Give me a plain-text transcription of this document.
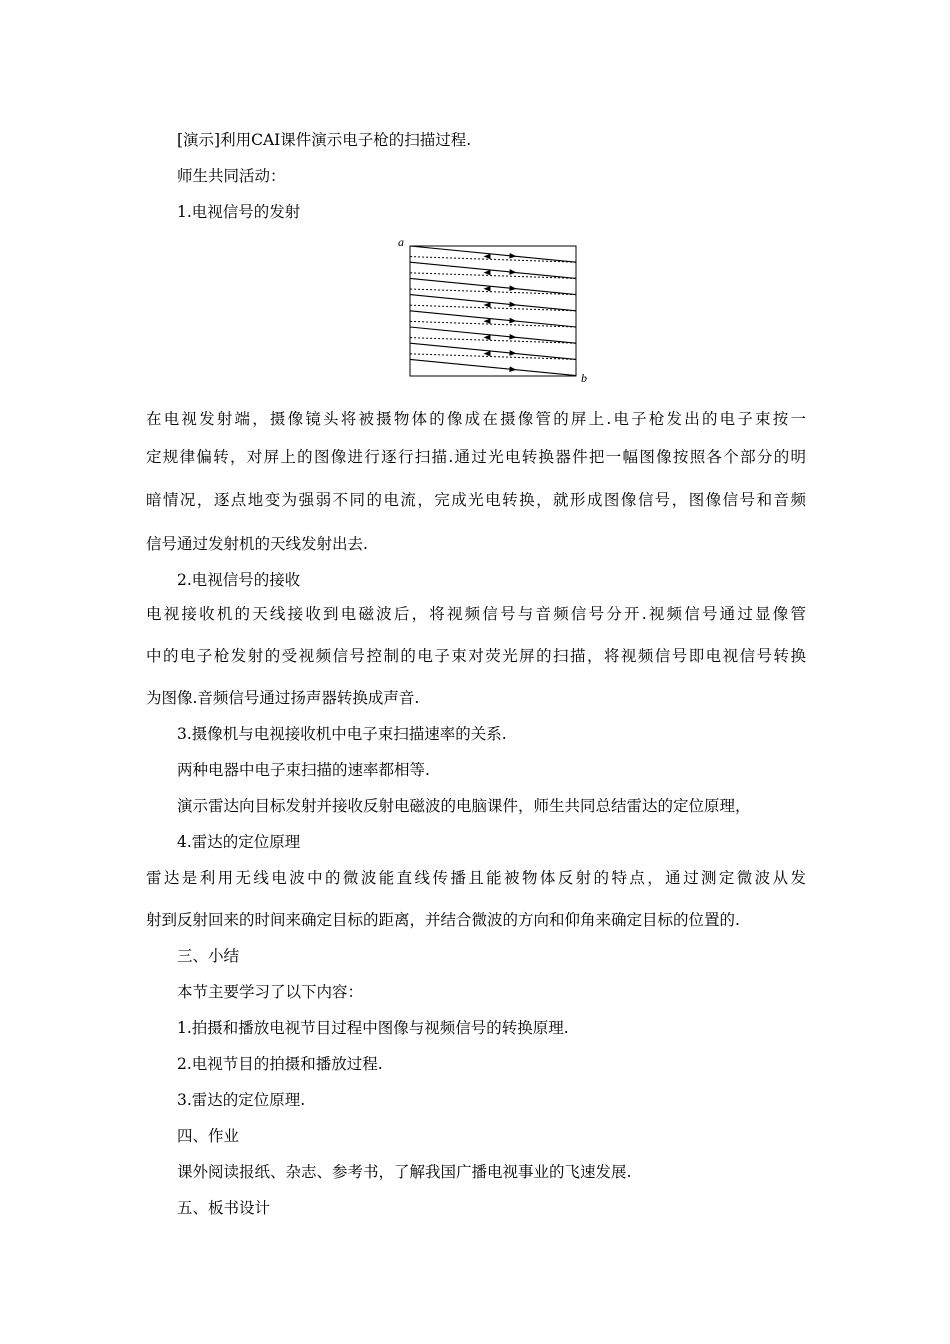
[演示]利用CAI课件演示电子枪的扫描过程.
师生共同活动：
1.电视信号的发射
a
b
在电视发射端，摄像镜头将被摄物体的像成在摄像管的屏上.电子枪发出的电子束按一
定规律偏转，对屏上的图像进行逐行扫描.通过光电转换器件把一幅图像按照各个部分的明
暗情况，逐点地变为强弱不同的电流，完成光电转换，就形成图像信号，图像信号和音频
信号通过发射机的天线发射出去.
2.电视信号的接收
电视接收机的天线接收到电磁波后，将视频信号与音频信号分开.视频信号通过显像管
中的电子枪发射的受视频信号控制的电子束对荧光屏的扫描，将视频信号即电视信号转换
为图像.音频信号通过扬声器转换成声音.
3.摄像机与电视接收机中电子束扫描速率的关系.
两种电器中电子束扫描的速率都相等.
演示雷达向目标发射并接收反射电磁波的电脑课件，师生共同总结雷达的定位原理，
4.雷达的定位原理
雷达是利用无线电波中的微波能直线传播且能被物体反射的特点，通过测定微波从发
射到反射回来的时间来确定目标的距离，并结合微波的方向和仰角来确定目标的位置的.
三、小结
本节主要学习了以下内容：
1.拍摄和播放电视节目过程中图像与视频信号的转换原理.
2.电视节目的拍摄和播放过程.
3.雷达的定位原理.
四、作业
课外阅读报纸、杂志、参考书，了解我国广播电视事业的飞速发展.
五、板书设计
